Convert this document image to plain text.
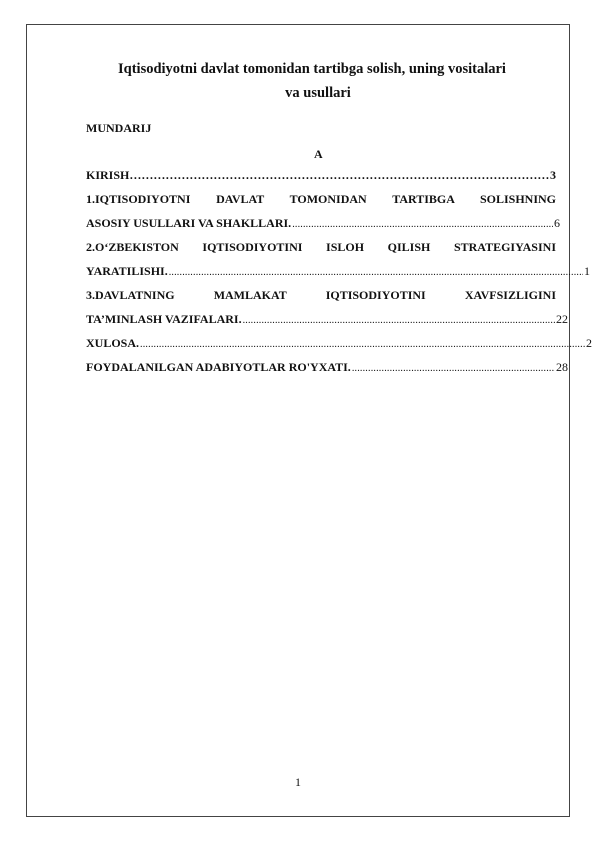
Iqtisodiyotni davlat tomonidan tartibga solish, uning vositalari
va usullari
MUNDARIJ
A
KIRISH ………………………………………………………………………………………………………………	3
1.IQTISODIYOTNI DAVLAT TOMONIDAN TARTIBGA SOLISHNING
ASOSIY USULLARI VA SHAKLLARI. .....	6
2.O‘ZBEKISTON IQTISODIYOTINI ISLOH QILISH STRATEGIYASINI
YARATILISHI. .....	1
3.DAVLATNING MAMLAKAT IQTISODIYOTINI XAVFSIZLIGINI
TA’MINLASH VAZIFALARI. .....	22
XULOSA. .....	2
FOYDALANILGAN ADABIYOTLAR RO'YXATI. .....	28
1
